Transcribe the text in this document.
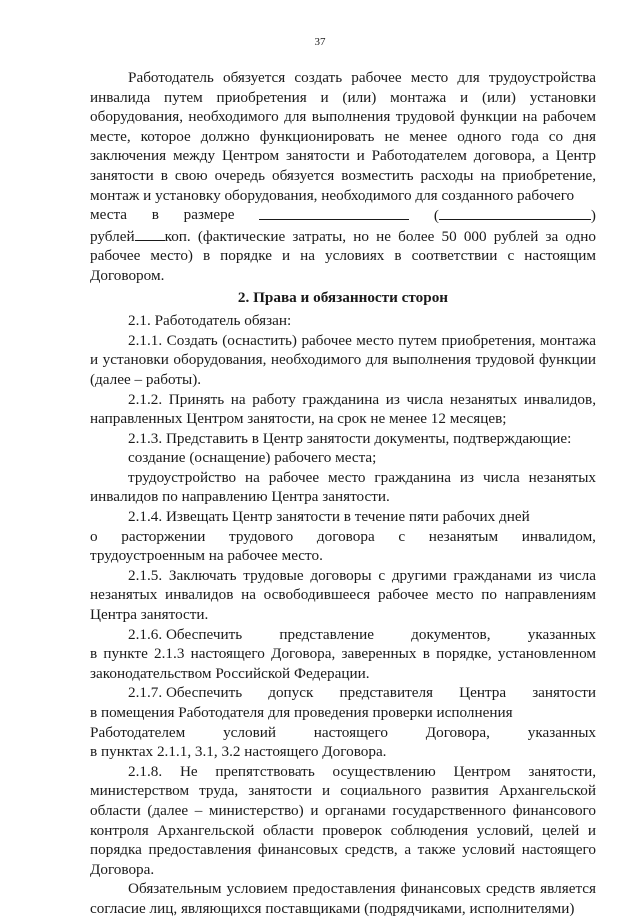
37

Работодатель обязуется создать рабочее место для трудоустройства инвалида путем приобретения и (или) монтажа и (или) установки оборудования, необходимого для выполнения трудовой функции на рабочем месте, которое должно функционировать не менее одного года со дня заключения между Центром занятости и Работодателем договора, а Центр занятости в свою очередь обязуется возместить расходы на приобретение, монтаж и установку оборудования, необходимого для созданного рабочего

места в размере	(	)

рублей коп. (фактические затраты, но не более 50 000 рублей за одно рабочее место) в порядке и на условиях в соответствии с настоящим Договором.

2. Права и обязанности сторон

2.1. Работодатель обязан:

2.1.1. Создать (оснастить) рабочее место путем приобретения, монтажа и установки оборудования, необходимого для выполнения трудовой функции (далее – работы).

2.1.2. Принять на работу гражданина из числа незанятых инвалидов, направленных Центром занятости, на срок не менее 12 месяцев;

2.1.3. Представить в Центр занятости документы, подтверждающие:

создание (оснащение) рабочего места;

трудоустройство на рабочее место гражданина из числа незанятых инвалидов по направлению Центра занятости.

2.1.4. Извещать Центр занятости в течение пяти рабочих дней

о расторжении трудового договора с незанятым инвалидом,

трудоустроенным на рабочее место.

2.1.5. Заключать трудовые договоры с другими гражданами из числа незанятых инвалидов на освободившееся рабочее место по направлениям Центра занятости.

2.1.6. Обеспечить представление документов, указанных

в пункте 2.1.3 настоящего Договора, заверенных в порядке, установленном законодательством Российской Федерации.

2.1.7. Обеспечить допуск представителя Центра занятости

в помещения Работодателя для проведения проверки исполнения

Работодателем условий настоящего Договора, указанных

в пунктах 2.1.1, 3.1, 3.2 настоящего Договора.

2.1.8. Не препятствовать осуществлению Центром занятости, министерством труда, занятости и социального развития Архангельской области (далее – министерство) и органами государственного финансового контроля Архангельской области проверок соблюдения условий, целей и порядка предоставления финансовых средств, а также условий настоящего Договора.

Обязательным условием предоставления финансовых средств является согласие лиц, являющихся поставщиками (подрядчиками, исполнителями)
